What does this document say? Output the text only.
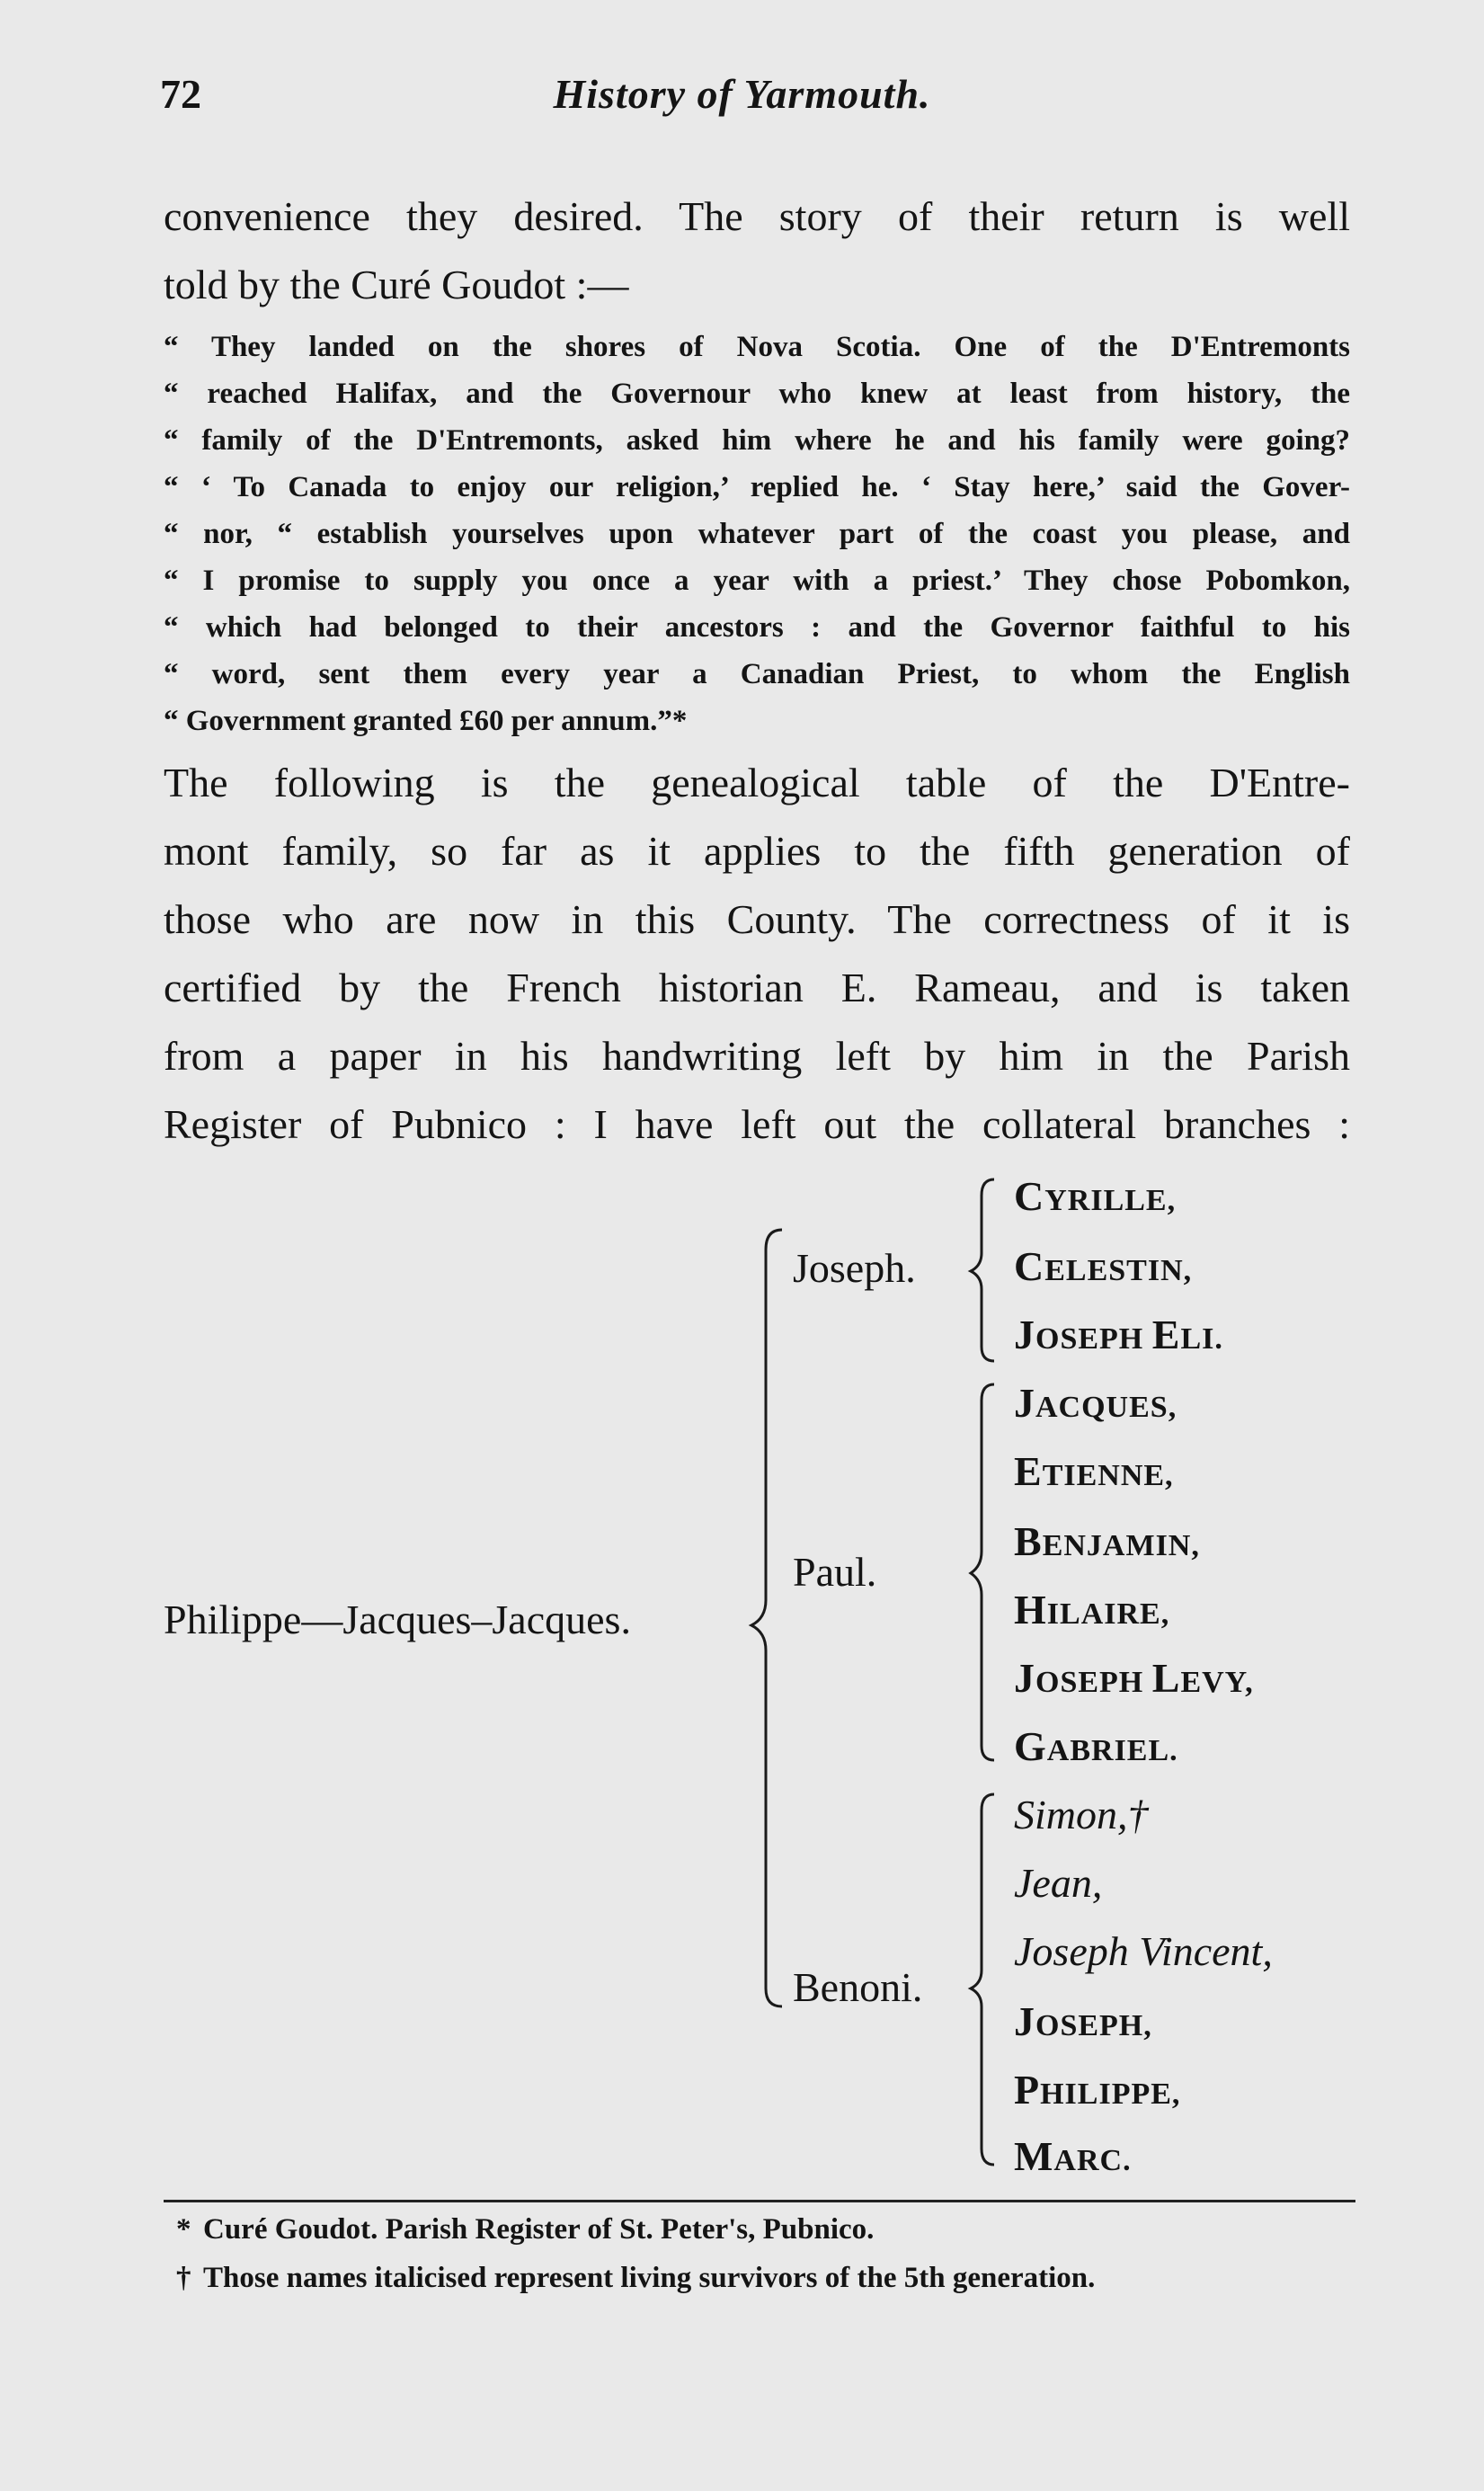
72	History of Yarmouth.

convenience they desired. The story of their return is well

told by the Curé Goudot :—

“ They landed on the shores of Nova Scotia. One of the D'Entremonts

“ reached Halifax, and the Governour who knew at least from history, the

“ family of the D'Entremonts, asked him where he and his family were going?

“ ‘ To Canada to enjoy our religion,’ replied he. ‘ Stay here,’ said the Gover-

“ nor, “ establish yourselves upon whatever part of the coast you please, and

“ I promise to supply you once a year with a priest.’ They chose Pobomkon,

“ which had belonged to their ancestors : and the Governor faithful to his

“ word, sent them every year a Canadian Priest, to whom the English

“ Government granted £60 per annum.”*

The following is the genealogical table of the D'Entre-

mont family, so far as it applies to the fifth generation of

those who are now in this County. The correctness of it is

certified by the French historian E. Rameau, and is taken

from a paper in his handwriting left by him in the Parish

Register of Pubnico : I have left out the collateral branches :

Philippe—Jacques–Jacques.
Joseph.
Paul.
Benoni.
CYRILLE,
CELESTIN,
JOSEPH ELI.
JACQUES,
ETIENNE,
BENJAMIN,
HILAIRE,
JOSEPH LEVY,
GABRIEL.
Simon,†
Jean,
Joseph Vincent,
JOSEPH,
PHILIPPE,
MARC.
* Curé Goudot. Parish Register of St. Peter's, Pubnico.
† Those names italicised represent living survivors of the 5th generation.
